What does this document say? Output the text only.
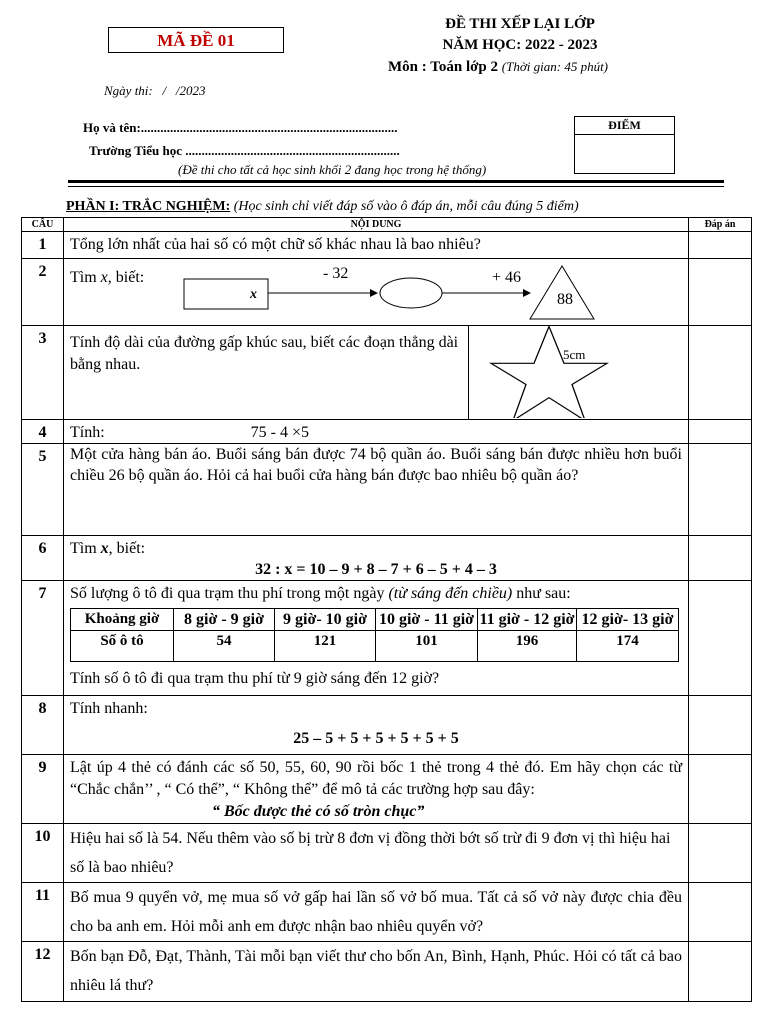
MÃ ĐỀ 01
ĐỀ THI XẾP LẠI LỚP
NĂM HỌC: 2022 - 2023
Môn : Toán lớp 2 (Thời gian: 45 phút)
Ngày thi:   /   /2023
Họ và tên:...............................................................................
Trường Tiểu học ..................................................................
(Đề thi cho tất cả học sinh khối 2 đang học trong hệ thống)
ĐIỂM
PHẦN I: TRẮC NGHIỆM: (Học sinh chỉ viết đáp số vào ô đáp án, mỗi câu đúng 5 điểm)
CÂU	NỘI DUNG	Đáp án
1	Tổng lớn nhất của hai số có một chữ số khác nhau là bao nhiêu?	
2	Tìm x, biết:
x
- 32	+ 46
88

3	Tính độ dài của đường gấp khúc sau, biết các đoạn thẳng dài bằng nhau.
5cm

4	Tính:	75 - 4 ×5	
5	Một cửa hàng bán áo. Buổi sáng bán được 74 bộ quần áo. Buổi sáng bán được nhiều hơn buổi chiều 26 bộ quần áo. Hỏi cả hai buổi cửa hàng bán được bao nhiêu bộ quần áo?	
6	Tìm x, biết:
32 : x = 10 – 9 + 8 – 7 + 6 – 5 + 4 – 3

7	Số lượng ô tô đi qua trạm thu phí trong một ngày (từ sáng đến chiều) như sau:
Khoảng giờ	8 giờ - 9 giờ	9 giờ- 10 giờ	10 giờ - 11 giờ	11 giờ - 12 giờ	12 giờ- 13 giờ
Số ô tô	54	121	101	196	174
Tính số ô tô đi qua trạm thu phí từ 9 giờ sáng đến 12 giờ?

8	Tính nhanh:
25 – 5 + 5 + 5 + 5 + 5 + 5

9	Lật úp 4 thẻ có đánh các số 50, 55, 60, 90 rồi bốc 1 thẻ trong 4 thẻ đó. Em hãy chọn các từ “Chắc chắn’’ , “ Có thể”, “ Không thể” để mô tả các trường hợp sau đây:
“ Bốc được thẻ có số tròn chục”

10	Hiệu hai số là 54. Nếu thêm vào số bị trừ 8 đơn vị đồng thời bớt số trừ đi 9 đơn vị thì hiệu hai số là bao nhiêu?	
11	Bố mua 9 quyển vở, mẹ mua số vở gấp hai lần số vở bố mua. Tất cả số vở này được chia đều cho ba anh em. Hỏi mỗi anh em được nhận bao nhiêu quyển vở?	
12	Bốn bạn Đỗ, Đạt, Thành, Tài mỗi bạn viết thư cho bốn An, Bình, Hạnh, Phúc. Hỏi có tất cả bao nhiêu lá thư?	
